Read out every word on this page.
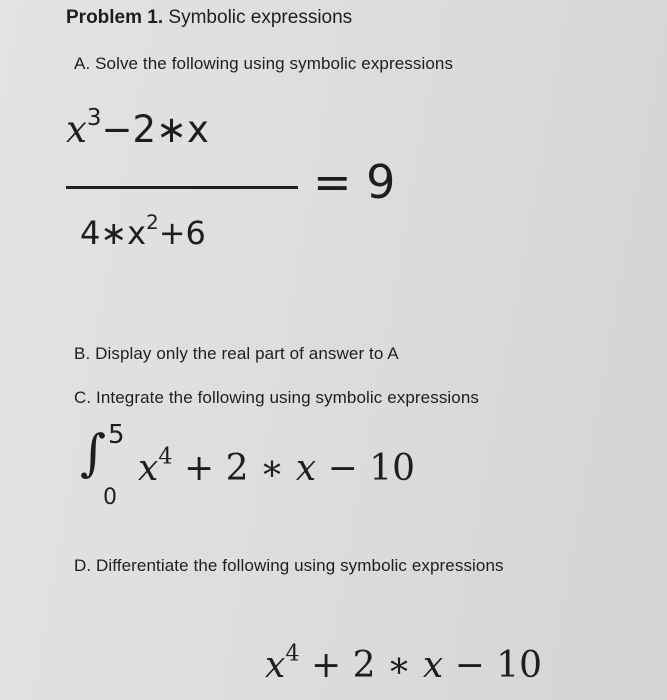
Problem 1. Symbolic expressions
A. Solve the following using symbolic expressions
$x^3-2∗x$
$4∗x^2+6$
= 9
B. Display only the real part of answer to A
C. Integrate the following using symbolic expressions
∫ 5
0
$x^4 + 2$ ∗ x − 10
D. Differentiate the following using symbolic expressions
$x^4 + 2$ ∗ x − 10
